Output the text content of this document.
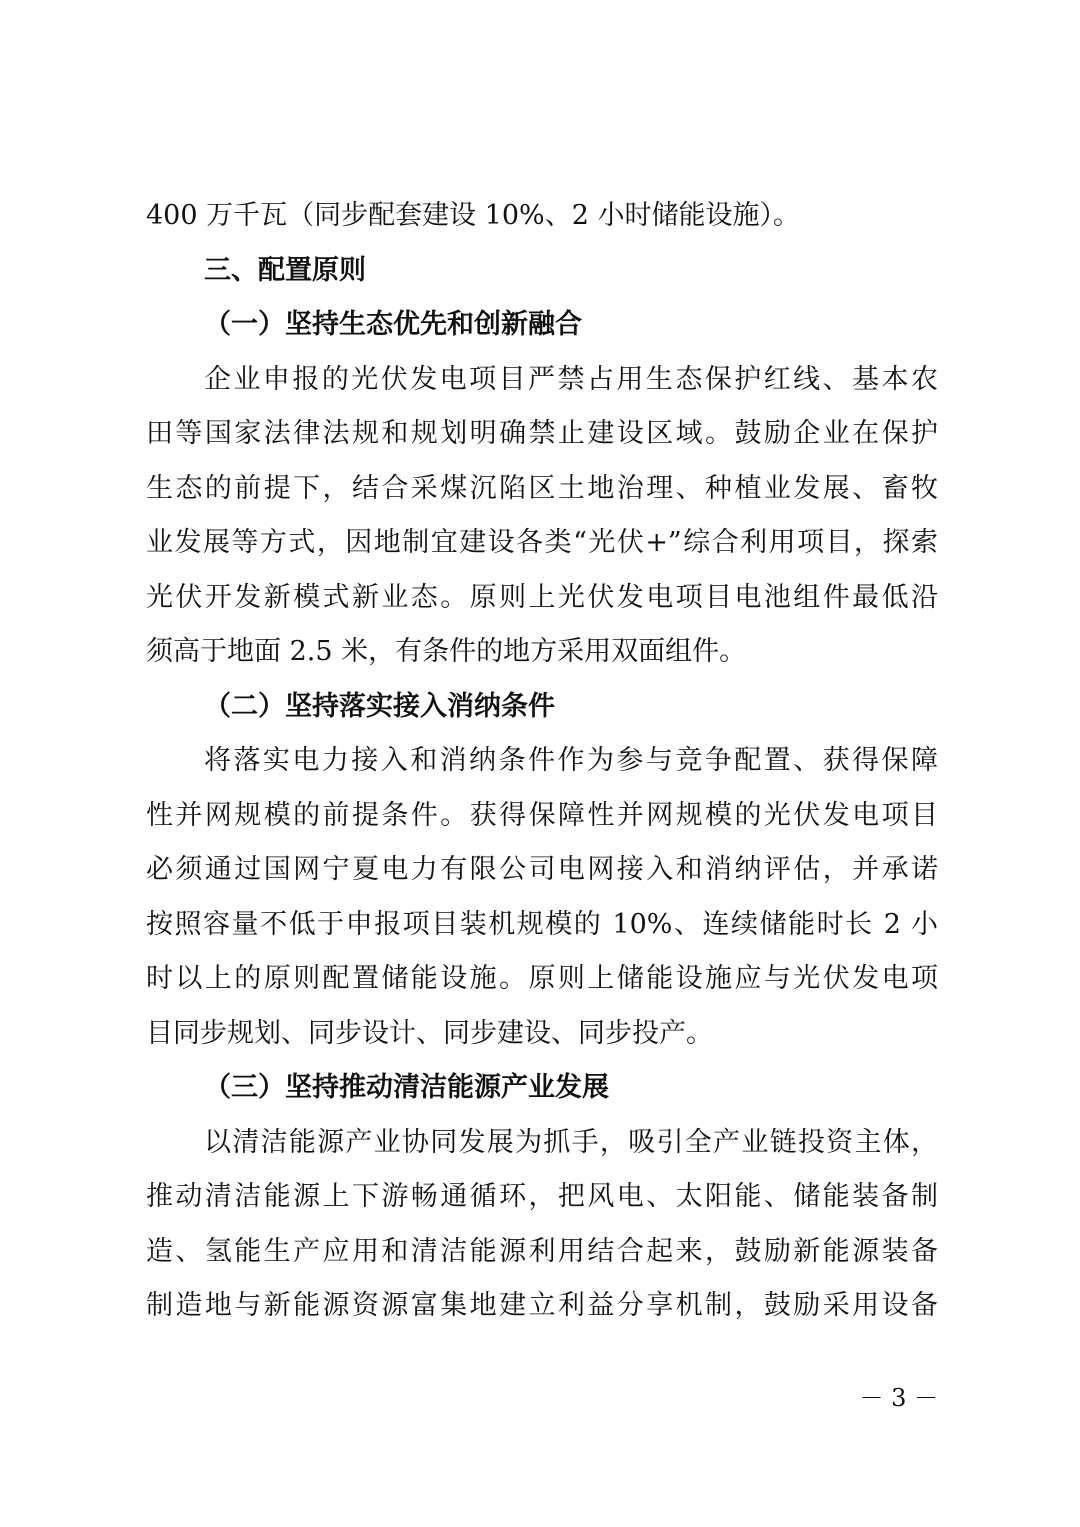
400 万千瓦（同步配套建设 10%、2 小时储能设施）。
三、配置原则
（一）坚持生态优先和创新融合
企业申报的光伏发电项目严禁占用生态保护红线、基本农
田等国家法律法规和规划明确禁止建设区域。鼓励企业在保护
生态的前提下，结合采煤沉陷区土地治理、种植业发展、畜牧
业发展等方式，因地制宜建设各类“光伏+”综合利用项目，探索
光伏开发新模式新业态。原则上光伏发电项目电池组件最低沿
须高于地面 2.5 米，有条件的地方采用双面组件。
（二）坚持落实接入消纳条件
将落实电力接入和消纳条件作为参与竞争配置、获得保障
性并网规模的前提条件。获得保障性并网规模的光伏发电项目
必须通过国网宁夏电力有限公司电网接入和消纳评估，并承诺
按照容量不低于申报项目装机规模的 10%、连续储能时长 2 小
时以上的原则配置储能设施。原则上储能设施应与光伏发电项
目同步规划、同步设计、同步建设、同步投产。
（三）坚持推动清洁能源产业发展
以清洁能源产业协同发展为抓手，吸引全产业链投资主体，
推动清洁能源上下游畅通循环，把风电、太阳能、储能装备制
造、氢能生产应用和清洁能源利用结合起来，鼓励新能源装备
制造地与新能源资源富集地建立利益分享机制，鼓励采用设备
－ 3 －
